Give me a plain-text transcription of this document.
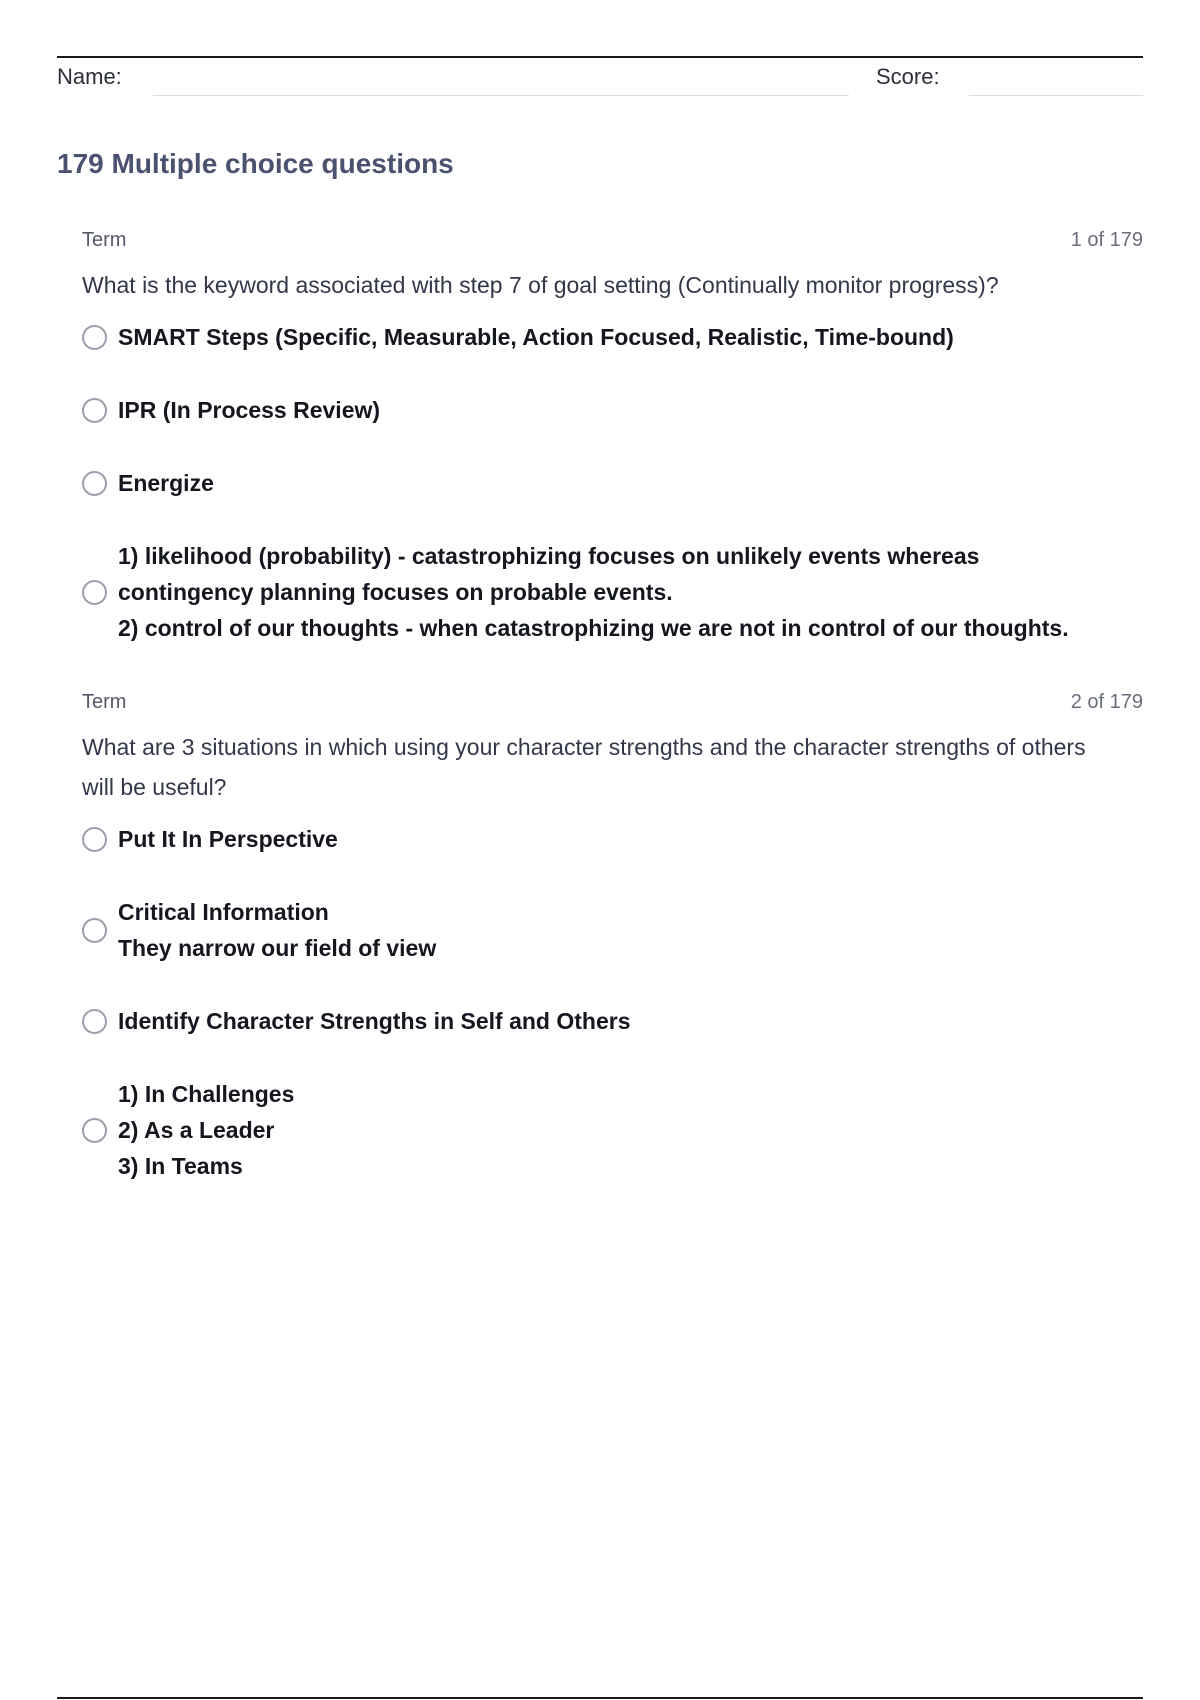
Name:	Score:
179 Multiple choice questions
Term	1 of 179
What is the keyword associated with step 7 of goal setting (Continually monitor progress)?
SMART Steps (Specific, Measurable, Action Focused, Realistic, Time-bound)
IPR (In Process Review)
Energize
1) likelihood (probability) - catastrophizing focuses on unlikely events whereas
contingency planning focuses on probable events.
2) control of our thoughts - when catastrophizing we are not in control of our thoughts.
Term	2 of 179
What are 3 situations in which using your character strengths and the character strengths of others will be useful?
Put It In Perspective
Critical Information
They narrow our field of view
Identify Character Strengths in Self and Others
1) In Challenges
2) As a Leader
3) In Teams
